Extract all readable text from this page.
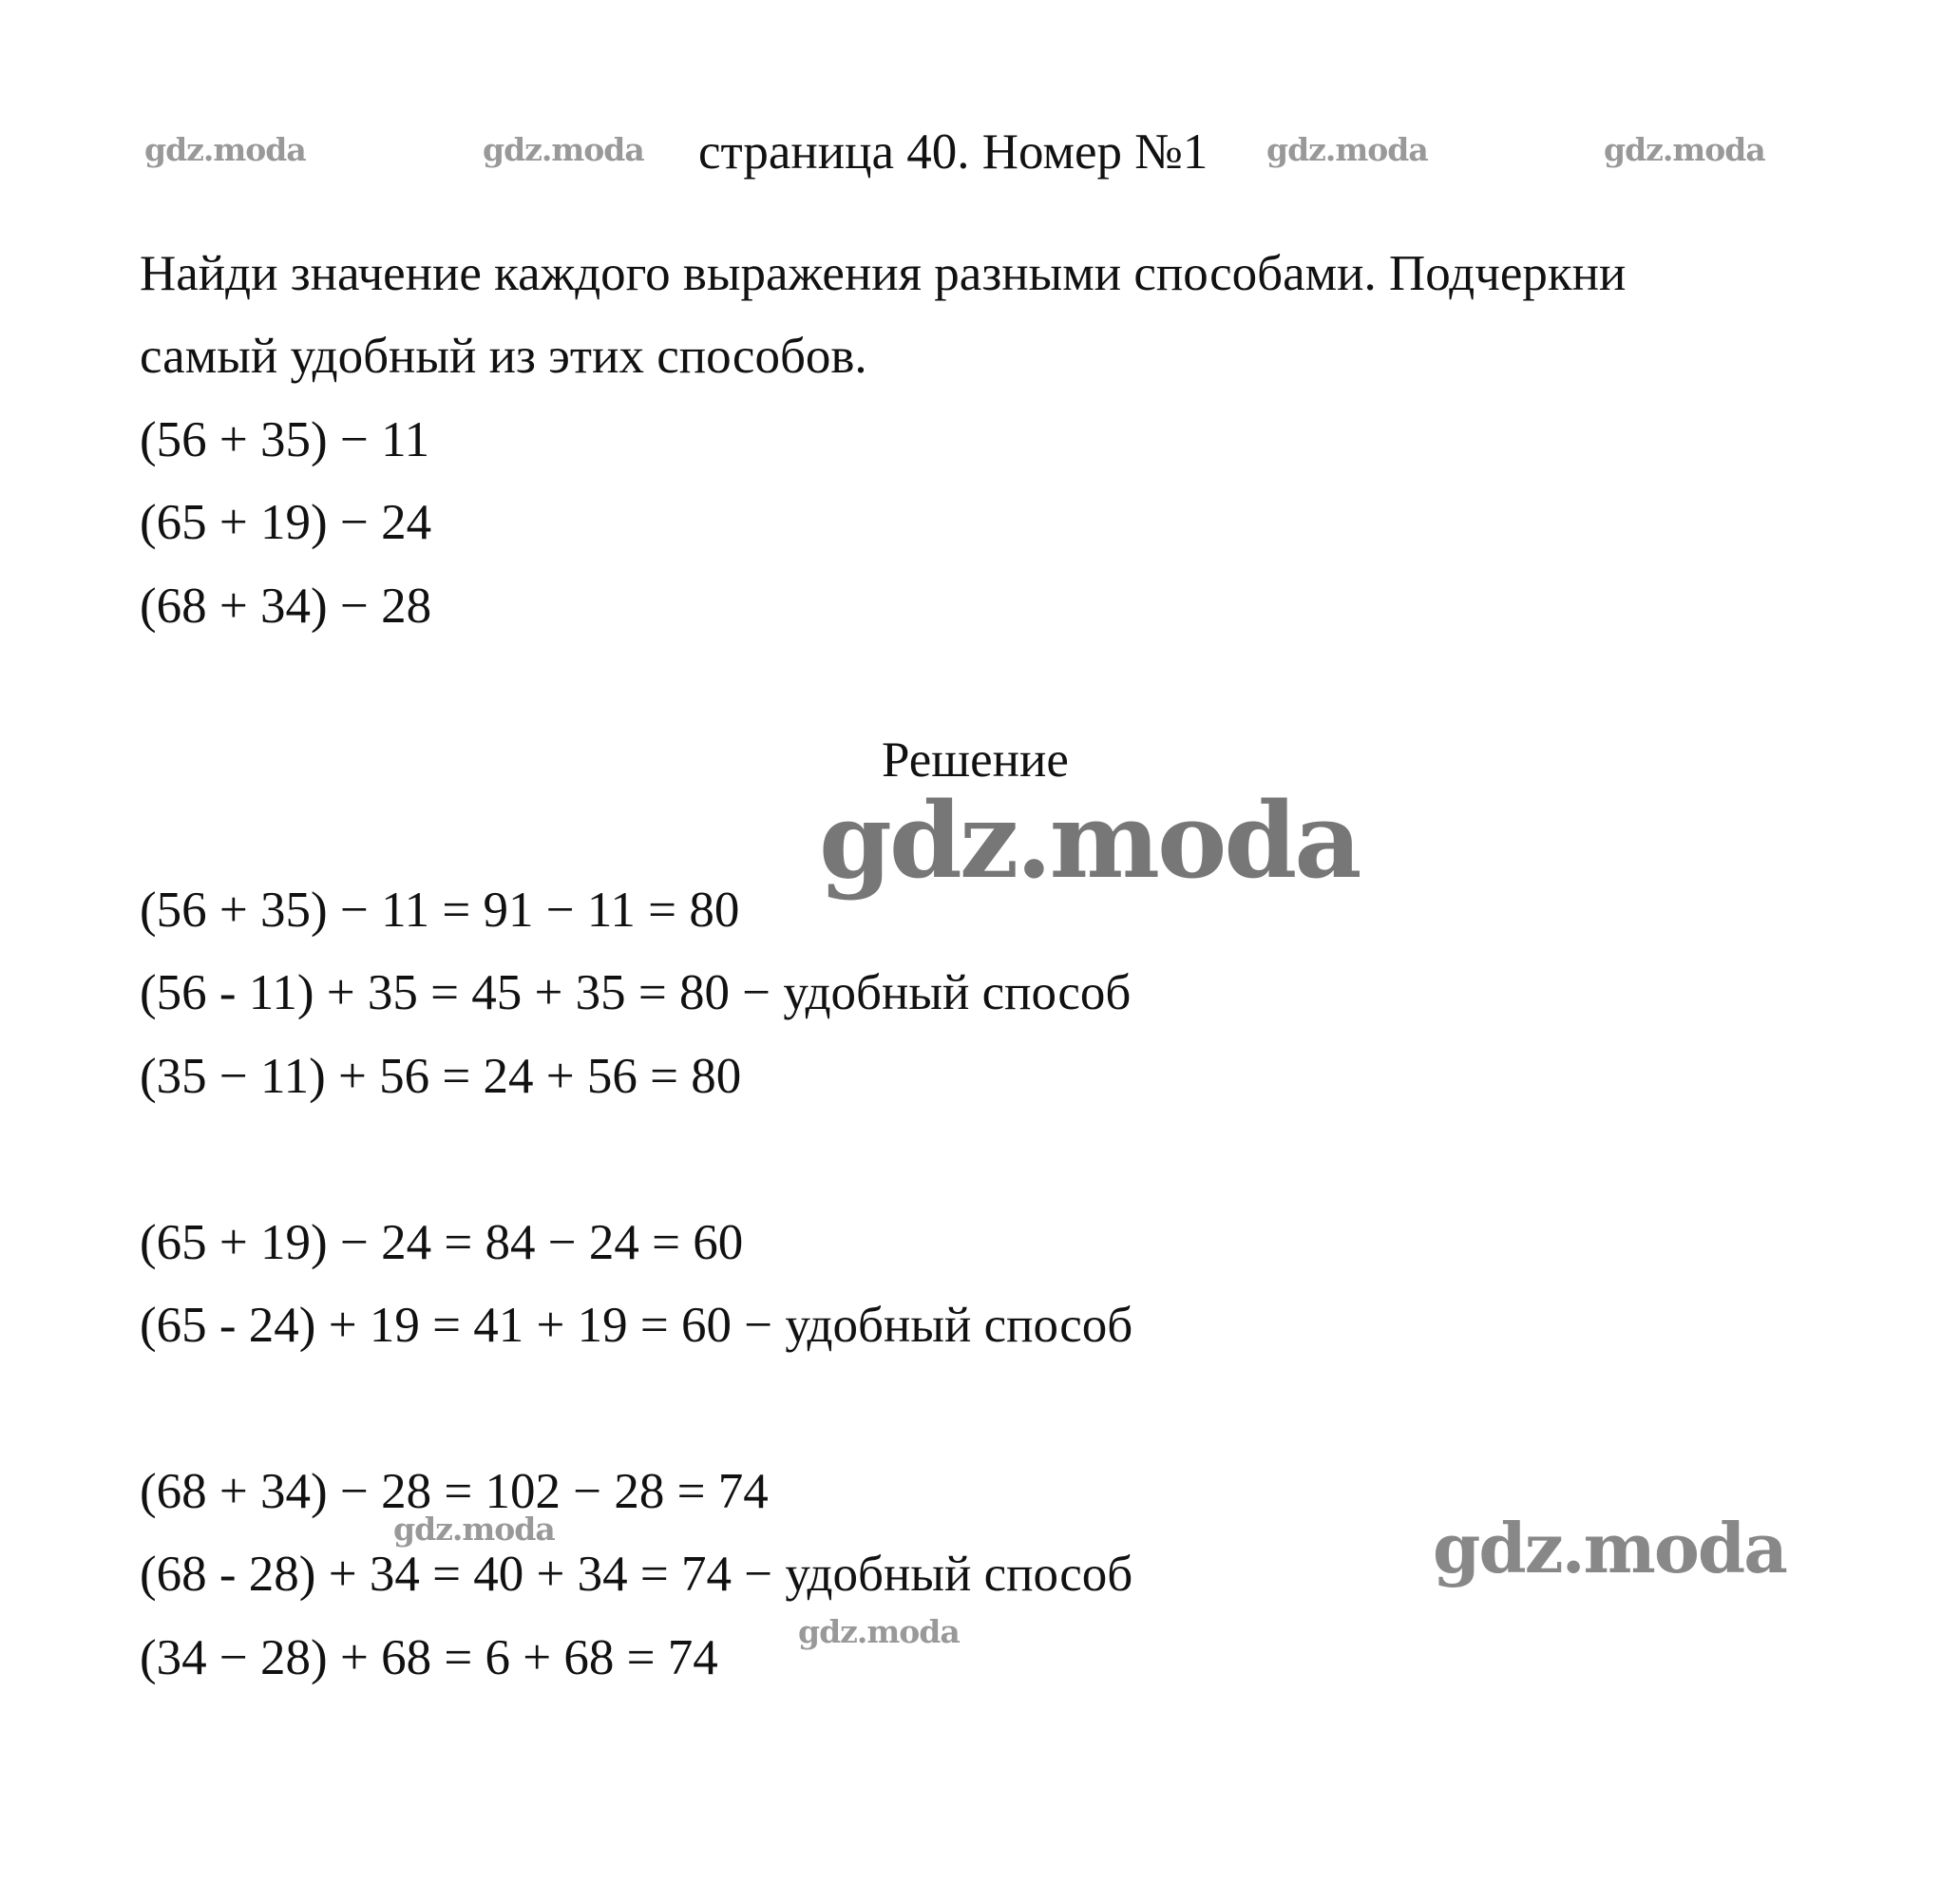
gdz.moda	gdz.moda	gdz.moda	gdz.moda
страница 40. Номер №1
Найди значение каждого выражения разными способами. Подчеркни
самый удобный из этих способов.
(56 + 35) − 11
(65 + 19) − 24
(68 + 34) − 28
Решение
gdz.moda
(56 + 35) − 11 = 91 − 11 = 80
(56 - 11) + 35 = 45 + 35 = 80 − удобный способ
(35 − 11) + 56 = 24 + 56 = 80
(65 + 19) − 24 = 84 − 24 = 60
(65 - 24) + 19 = 41 + 19 = 60 − удобный способ
(68 + 34) − 28 = 102 − 28 = 74
(68 - 28) + 34 = 40 + 34 = 74 − удобный способ
(34 − 28) + 68 = 6 + 68 = 74
gdz.moda
gdz.moda
gdz.moda
